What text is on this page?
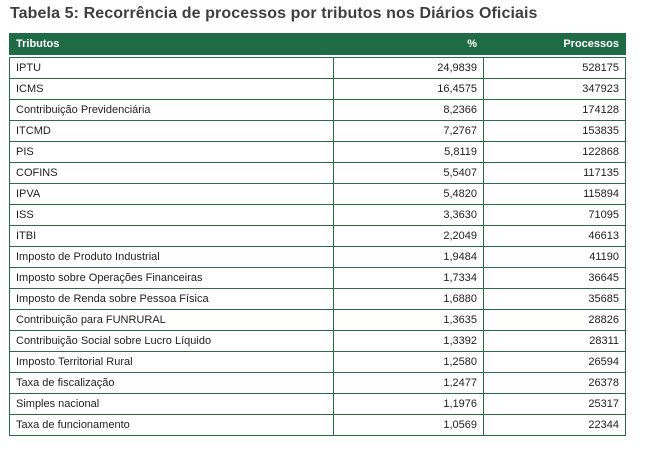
Tabela 5: Recorrência de processos por tributos nos Diários Oficiais
Tributos	%	Processos

IPTU	24,9839	528175
ICMS	16,4575	347923
Contribuição Previdenciária	8,2366	174128
ITCMD	7,2767	153835
PIS	5,8119	122868
COFINS	5,5407	117135
IPVA	5,4820	115894
ISS	3,3630	71095
ITBI	2,2049	46613
Imposto de Produto Industrial	1,9484	41190
Imposto sobre Operações Financeiras	1,7334	36645
Imposto de Renda sobre Pessoa Física	1,6880	35685
Contribuição para FUNRURAL	1,3635	28826
Contribuição Social sobre Lucro Líquido	1,3392	28311
Imposto Territorial Rural	1,2580	26594
Taxa de fiscalização	1,2477	26378
Simples nacional	1,1976	25317
Taxa de funcionamento	1,0569	22344
